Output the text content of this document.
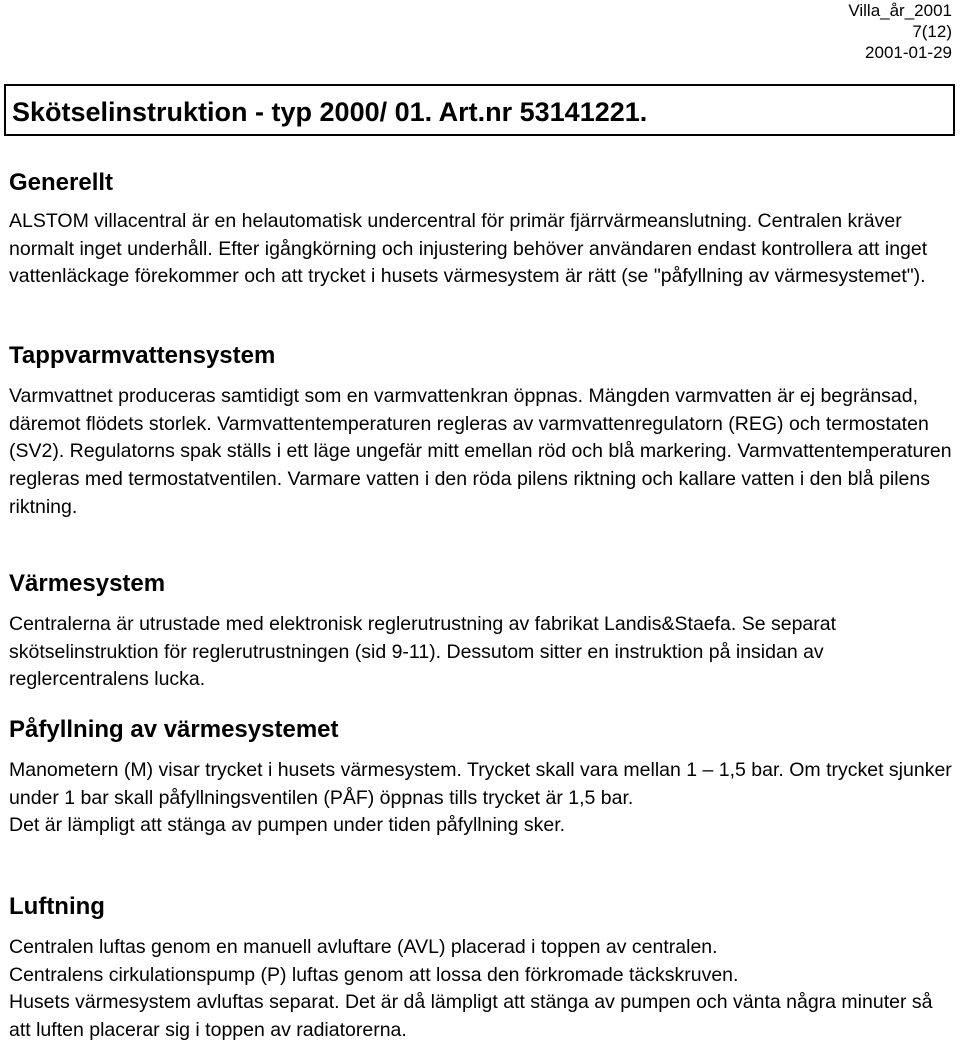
Villa_år_2001
7(12)
2001-01-29
Skötselinstruktion - typ 2000/ 01. Art.nr 53141221.
Generellt

ALSTOM villacentral är en helautomatisk undercentral för primär fjärrvärmeanslutning. Centralen kräver normalt inget underhåll. Efter igångkörning och injustering behöver användaren endast kontrollera att inget vattenläckage förekommer och att trycket i husets värmesystem är rätt (se "påfyllning av värmesystemet").

Tappvarmvattensystem

Varmvattnet produceras samtidigt som en varmvattenkran öppnas. Mängden varmvatten är ej begränsad, däremot flödets storlek. Varmvattentemperaturen regleras av varmvattenregulatorn (REG) och termostaten (SV2). Regulatorns spak ställs i ett läge ungefär mitt emellan röd och blå markering. Varmvattentemperaturen regleras med termostatventilen. Varmare vatten i den röda pilens riktning och kallare vatten i den blå pilens riktning.

Värmesystem

Centralerna är utrustade med elektronisk reglerutrustning av fabrikat Landis&Staefa. Se separat skötselinstruktion för reglerutrustningen (sid 9-11). Dessutom sitter en instruktion på insidan av reglercentralens lucka.

Påfyllning av värmesystemet

Manometern (M) visar trycket i husets värmesystem. Trycket skall vara mellan 1 – 1,5 bar. Om trycket sjunker under 1 bar skall påfyllningsventilen (PÅF) öppnas tills trycket är 1,5 bar.

Det är lämpligt att stänga av pumpen under tiden påfyllning sker.

Luftning

Centralen luftas genom en manuell avluftare (AVL) placerad i toppen av centralen.

Centralens cirkulationspump (P) luftas genom att lossa den förkromade täckskruven.

Husets värmesystem avluftas separat. Det är då lämpligt att stänga av pumpen och vänta några minuter så att luften placerar sig i toppen av radiatorerna.
